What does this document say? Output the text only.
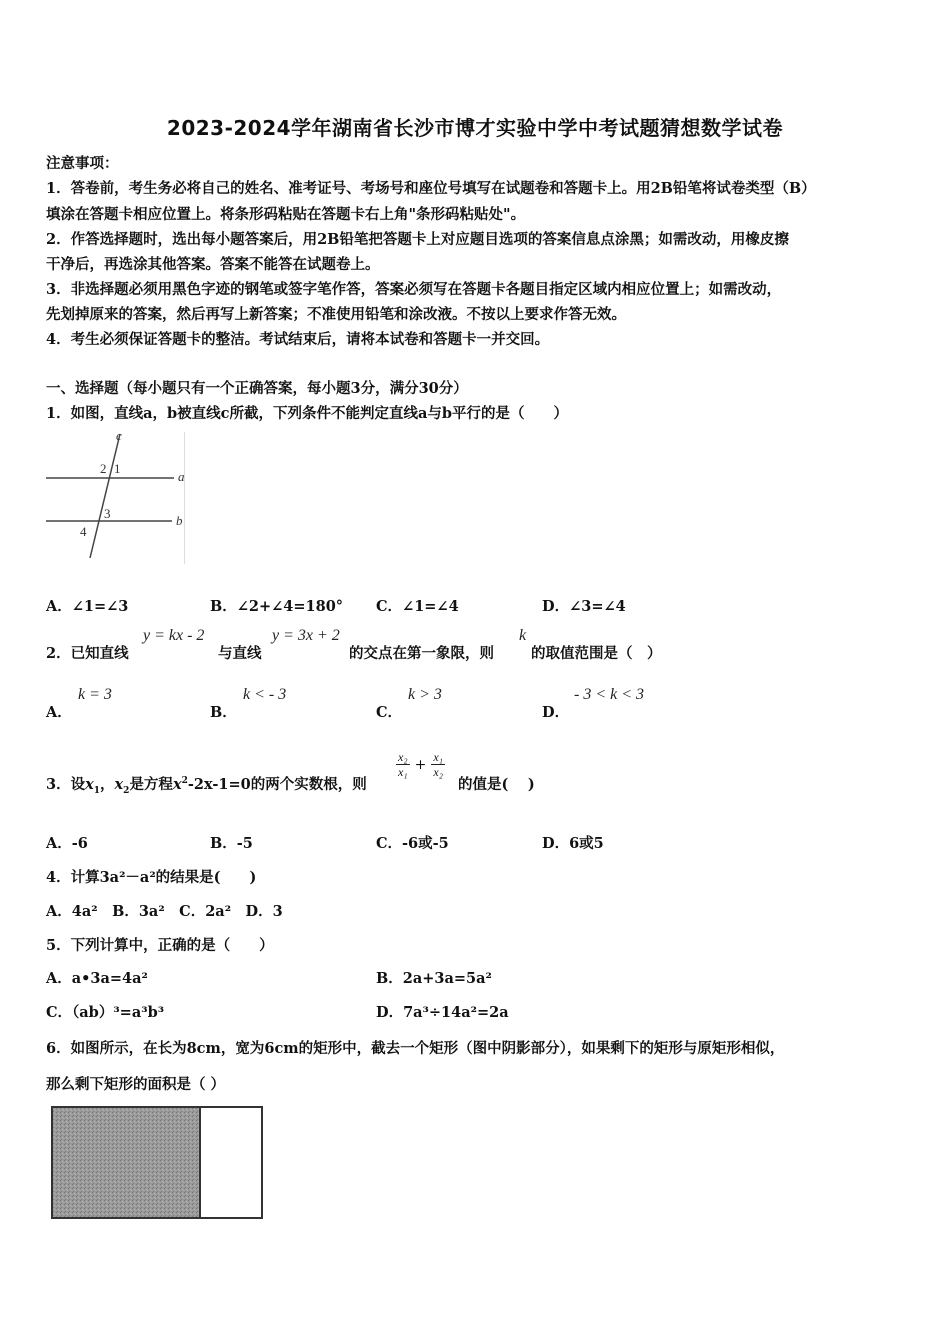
2023-2024学年湖南省长沙市博才实验中学中考试题猜想数学试卷
注意事项：
1．答卷前，考生务必将自己的姓名、准考证号、考场号和座位号填写在试题卷和答题卡上。用2B铅笔将试卷类型（B）
填涂在答题卡相应位置上。将条形码粘贴在答题卡右上角"条形码粘贴处"。
2．作答选择题时，选出每小题答案后，用2B铅笔把答题卡上对应题目选项的答案信息点涂黑；如需改动，用橡皮擦
干净后，再选涂其他答案。答案不能答在试题卷上。
3．非选择题必须用黑色字迹的钢笔或签字笔作答，答案必须写在答题卡各题目指定区域内相应位置上；如需改动，
先划掉原来的答案，然后再写上新答案；不准使用铅笔和涂改液。不按以上要求作答无效。
4．考生必须保证答题卡的整洁。考试结束后，请将本试卷和答题卡一并交回。
一、选择题（每小题只有一个正确答案，每小题3分，满分30分）
1．如图，直线a，b被直线c所截，下列条件不能判定直线a与b平行的是（　　）
c
a
b
2 1
3
4
A．∠1=∠3	B．∠2+∠4=180° C．∠1=∠4	D．∠3=∠4
2．已知直线
y = kx - 2
与直线
y = 3x + 2
的交点在第一象限，则
k
的取值范围是（　）
A．
k = 3
B．
k < - 3
C．
k > 3
D．
- 3 < k < 3
3．设$x_1$，$x_2$是方程$x^2-2x-1=0$的两个实数根，则
$\frac{\text{x₂}}{\text{x₁}} + \frac{\text{x₁}}{\text{x₂}}$
的值是(　 )
A．-6	B．-5	C．-6或-5	D．6或5
4．计算3a²－a²的结果是(　　)
A．4a²　B．3a²　C．2a²　D．3
5．下列计算中，正确的是（　　）
A．a•3a=4a²	B．2a+3a=5a²
C．（ab）³=a³b³	D．7a³÷14a²=2a
6．如图所示，在长为8cm，宽为6cm的矩形中，截去一个矩形（图中阴影部分），如果剩下的矩形与原矩形相似，
那么剩下矩形的面积是（ ）
